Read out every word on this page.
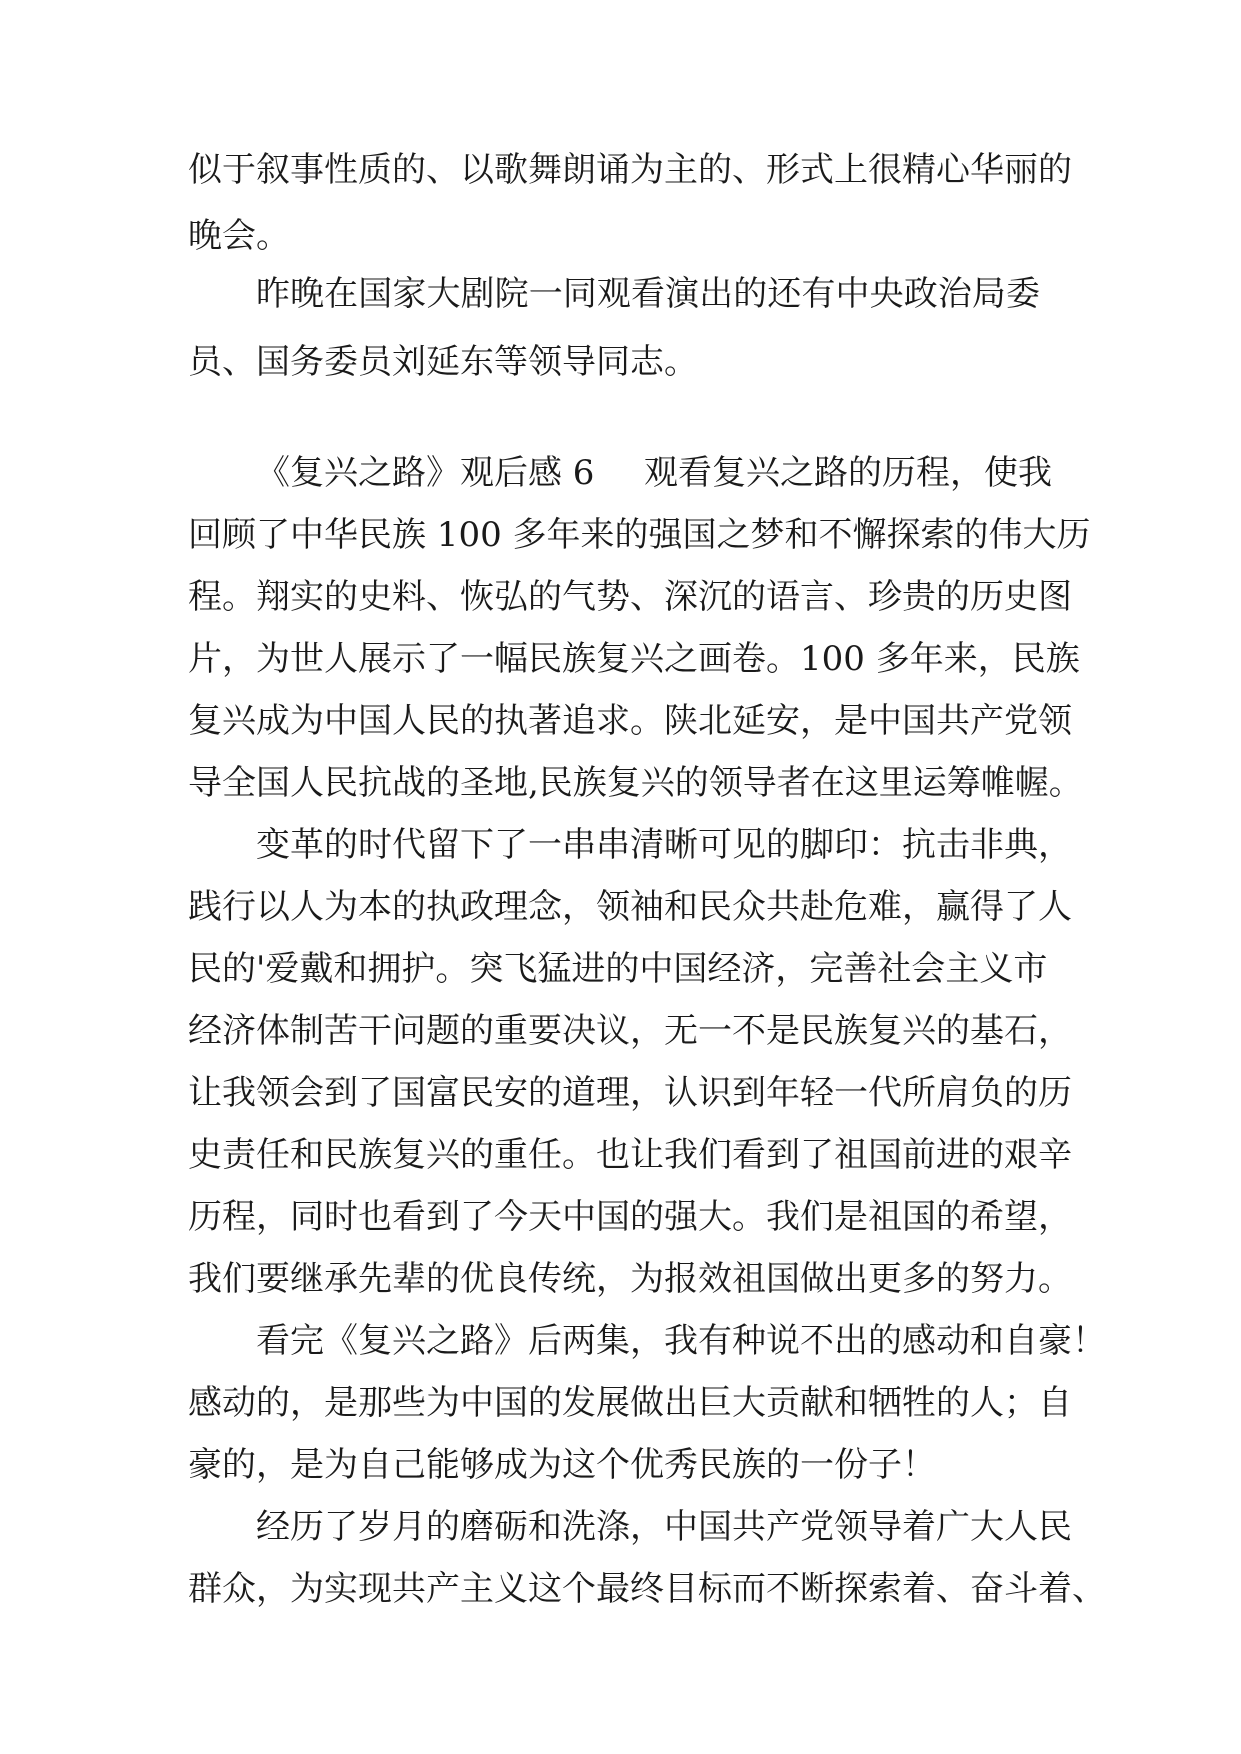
似于叙事性质的、以歌舞朗诵为主的、形式上很精心华丽的

晚会。

昨晚在国家大剧院一同观看演出的还有中央政治局委

员、国务委员刘延东等领导同志。

《复兴之路》观后感 6 观看复兴之路的历程，使我

回顾了中华民族 100 多年来的强国之梦和不懈探索的伟大历

程。翔实的史料、恢弘的气势、深沉的语言、珍贵的历史图

片，为世人展示了一幅民族复兴之画卷。100 多年来，民族

复兴成为中国人民的执著追求。陕北延安，是中国共产党领

导全国人民抗战的圣地,民族复兴的领导者在这里运筹帷幄。

变革的时代留下了一串串清晰可见的脚印：抗击非典，

践行以人为本的执政理念，领袖和民众共赴危难，赢得了人

民的'爱戴和拥护。突飞猛进的中国经济，完善社会主义市

经济体制苦干问题的重要决议，无一不是民族复兴的基石，

让我领会到了国富民安的道理，认识到年轻一代所肩负的历

史责任和民族复兴的重任。也让我们看到了祖国前进的艰辛

历程，同时也看到了今天中国的强大。我们是祖国的希望，

我们要继承先辈的优良传统，为报效祖国做出更多的努力。

看完《复兴之路》后两集，我有种说不出的感动和自豪！

感动的，是那些为中国的发展做出巨大贡献和牺牲的人；自

豪的，是为自己能够成为这个优秀民族的一份子！

经历了岁月的磨砺和洗涤，中国共产党领导着广大人民

群众，为实现共产主义这个最终目标而不断探索着、奋斗着、
